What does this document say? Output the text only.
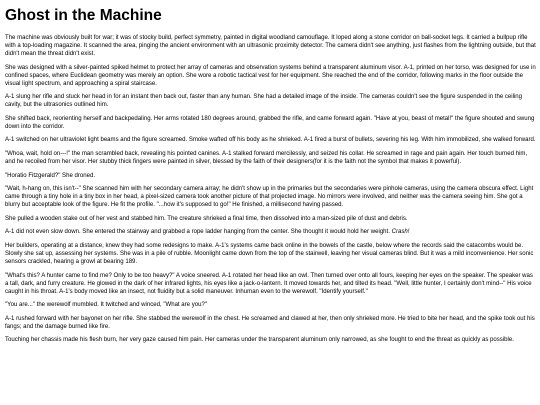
Ghost in the Machine

The machine was obviously built for war; it was of stocky build, perfect symmetry, painted in digital woodland camouflage. It loped along a stone corridor on ball-socket legs. It carried a bullpup rifle with a top-loading magazine. It scanned the area, pinging the ancient environment with an ultrasonic proximity detector. The camera didn't see anything, just flashes from the lightning outside, but that didn't mean the threat didn't exist.

She was designed with a silver-painted spiked helmet to protect her array of cameras and observation systems behind a transparent aluminum visor. A-1, printed on her torso, was designed for use in confined spaces, where Euclidean geometry was merely an option. She wore a robotic tactical vest for her equipment. She reached the end of the corridor, following marks in the floor outside the visual light spectrum, and approaching a spiral staircase.

A-1 slung her rifle and stuck her head in for an instant then back out, faster than any human. She had a detailed image of the inside. The cameras couldn't see the figure suspended in the ceiling cavity, but the ultrasonics outlined him.

She shifted back, reorienting herself and backpedaling. Her arms rotated 180 degrees around, grabbed the rifle, and came forward again. "Have at you, beast of metal!" the figure shouted and swung down into the corridor.

A-1 switched on her ultraviolet light beams and the figure screamed. Smoke wafted off his body as he shrieked. A-1 fired a burst of bullets, severing his leg. With him immobilized, she walked forward.

"Whoa, wait, hold on---!" the man scrambled back, revealing his pointed canines. A-1 stalked forward mercilessly, and seized his collar. He screamed in rage and pain again. Her touch burned him, and he recoiled from her visor. Her stubby thick fingers were painted in silver, blessed by the faith of their designers(for it is the faith not the symbol that makes it powerful).

"Horatio Fitzgerald?" She droned.

"Wait, h-hang on, this isn't--" She scanned him with her secondary camera array; he didn't show up in the primaries but the secondaries were pinhole cameras, using the camera obscura effect. Light came through a tiny hole in a tiny box in her head, a pixel-sized camera took another picture of that projected image. No mirrors were involved, and neither was the camera seeing him. She got a blurry but acceptable look of the figure. He fit the profile. "...how it's supposed to go!" He finished, a millisecond having passed.

She pulled a wooden stake out of her vest and stabbed him. The creature shrieked a final time, then dissolved into a man-sized pile of dust and debris.

A-1 did not even slow down. She entered the stairway and grabbed a rope ladder hanging from the center. She thought it would hold her weight. Crash!

Her builders, operating at a distance, knew they had some redesigns to make. A-1's systems came back online in the bowels of the castle, below where the records said the catacombs would be. Slowly she sat up, assessing her systems. She was in a pile of rubble. Moonlight came down from the top of the stairwell, leaving her visual cameras blind. But it was a mild inconvenience. Her sonic sensors crackled, hearing a growl at bearing 189.

"What's this? A hunter came to find me? Only to be too heavy?" A voice sneered. A-1 rotated her head like an owl. Then turned over onto all fours, keeping her eyes on the speaker. The speaker was a tall, dark, and furry creature. He glowed in the dark of her infrared lights, his eyes like a jack-o-lantern. It moved towards her, and tilted its head. "Well, little hunter, I certainly don't mind--" His voice caught in his throat. A-1's body moved like an insect, not fluidity but a solid maneuver. Inhuman even to the werewolf. "Identify yourself."

"You are..." the werewolf mumbled. It twitched and winced, "What are you?"

A-1 rushed forward with her bayonet on her rifle. She stabbed the werewolf in the chest. He screamed and clawed at her, then only shrieked more. He tried to bite her head, and the spike took out his fangs; and the damage burned like fire.

Touching her chassis made his flesh burn, her very gaze caused him pain. Her cameras under the transparent aluminum only narrowed, as she fought to end the threat as quickly as possible.
